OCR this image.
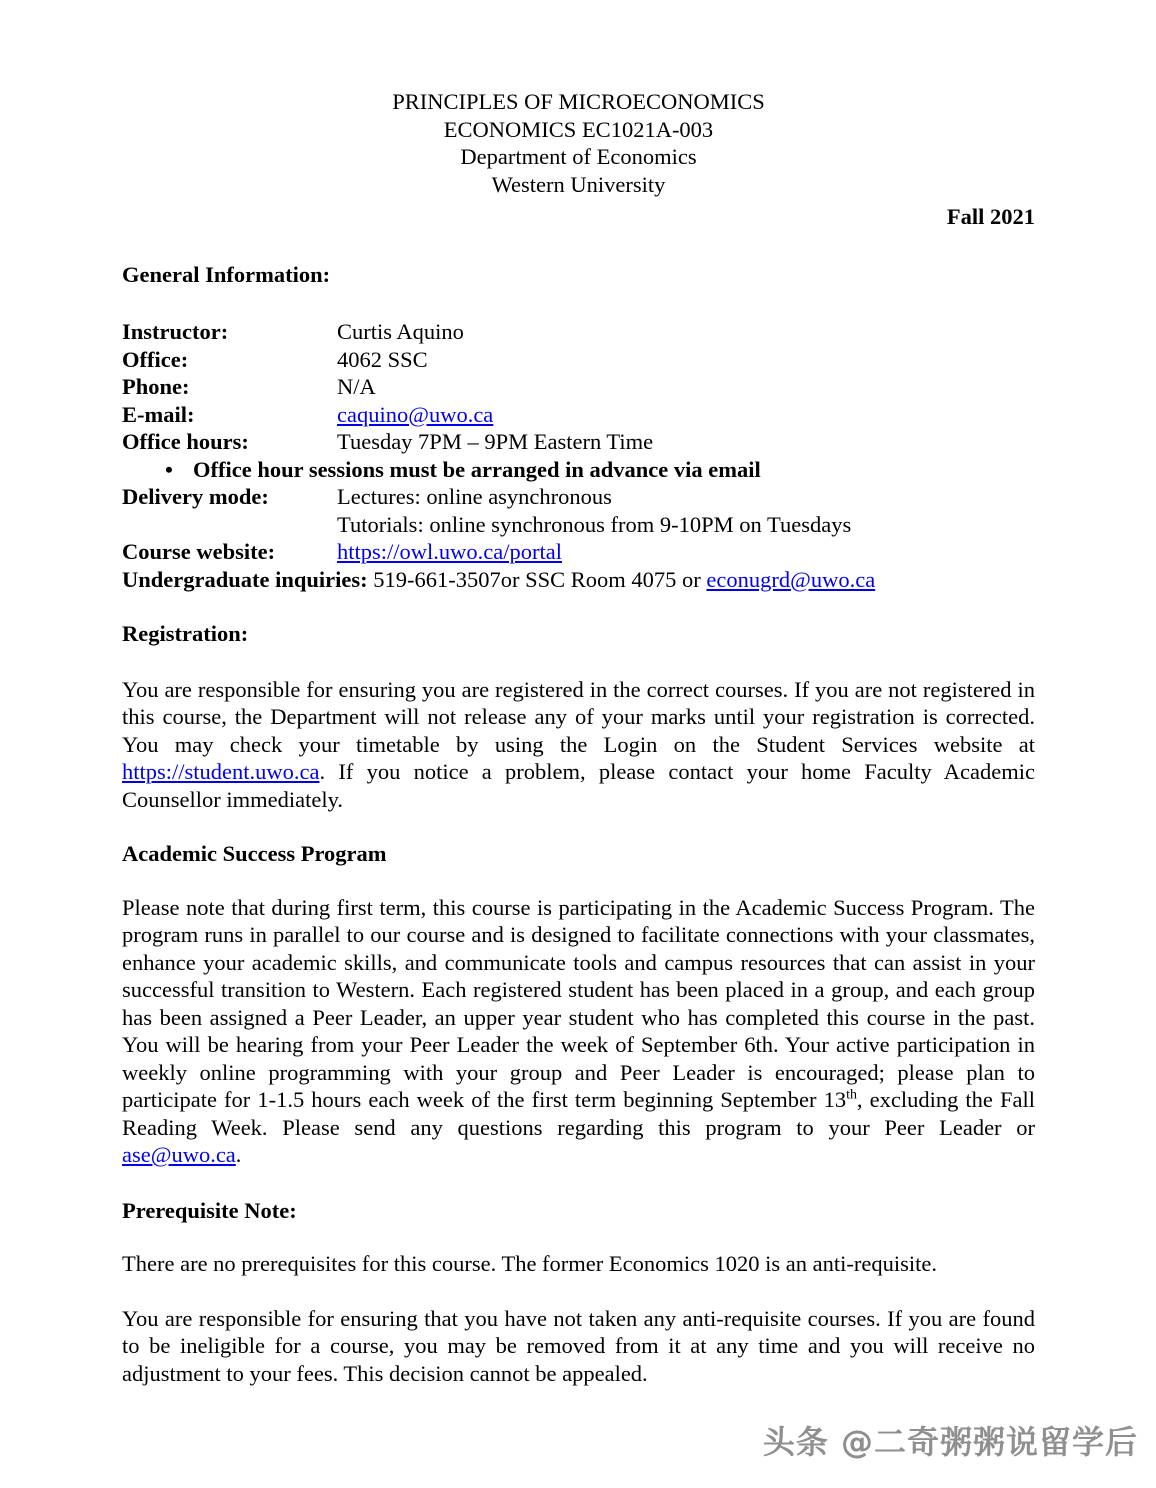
PRINCIPLES OF MICROECONOMICS
ECONOMICS EC1021A-003
Department of Economics
Western University
Fall 2021
General Information:
Instructor:	Curtis Aquino
Office:	4062 SSC
Phone:	N/A
E-mail:	caquino@uwo.ca
Office hours:	Tuesday 7PM – 9PM Eastern Time
• Office hour sessions must be arranged in advance via email
Delivery mode:	Lectures: online asynchronous
Tutorials: online synchronous from 9-10PM on Tuesdays
Course website:	https://owl.uwo.ca/portal
Undergraduate inquiries: 519-661-3507or SSC Room 4075 or econugrd@uwo.ca
Registration:

You are responsible for ensuring you are registered in the correct courses. If you are not registered in this course, the Department will not release any of your marks until your registration is corrected. You may check your timetable by using the Login on the Student Services website at https://student.uwo.ca. If you notice a problem, please contact your home Faculty Academic Counsellor immediately.

Academic Success Program

Please note that during first term, this course is participating in the Academic Success Program. The program runs in parallel to our course and is designed to facilitate connections with your classmates, enhance your academic skills, and communicate tools and campus resources that can assist in your successful transition to Western. Each registered student has been placed in a group, and each group has been assigned a Peer Leader, an upper year student who has completed this course in the past. You will be hearing from your Peer Leader the week of September 6th. Your active participation in weekly online programming with your group and Peer Leader is encouraged; please plan to participate for 1-1.5 hours each week of the first term beginning September 13th, excluding the Fall Reading Week. Please send any questions regarding this program to your Peer Leader or ase@uwo.ca.

Prerequisite Note:

There are no prerequisites for this course. The former Economics 1020 is an anti-requisite.

You are responsible for ensuring that you have not taken any anti-requisite courses. If you are found to be ineligible for a course, you may be removed from it at any time and you will receive no adjustment to your fees. This decision cannot be appealed.

头条 @二奇粥粥说留学后
